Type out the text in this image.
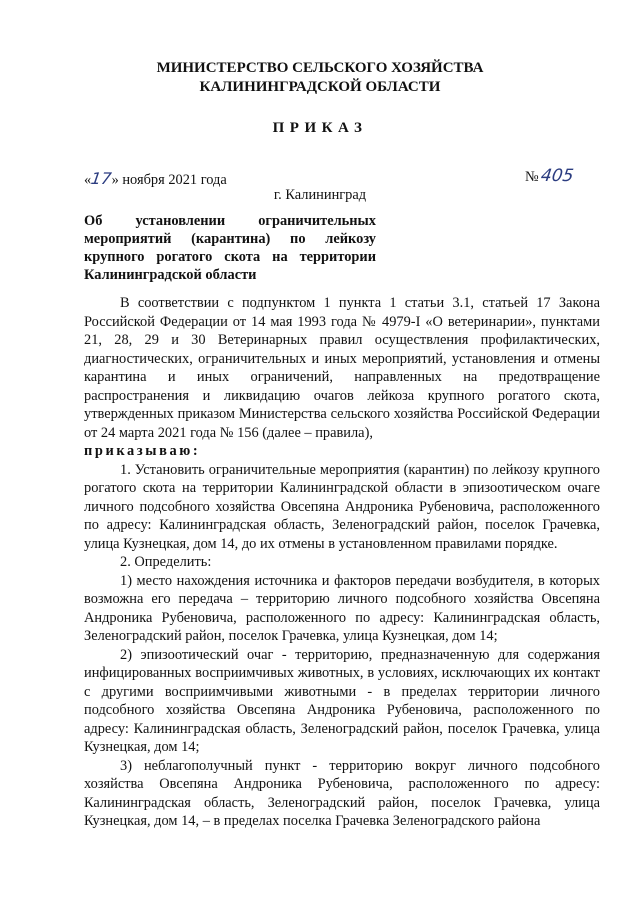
МИНИСТЕРСТВО СЕЛЬСКОГО ХОЗЯЙСТВА
КАЛИНИНГРАДСКОЙ ОБЛАСТИ
ПРИКАЗ
«17» ноября 2021 года	№405
г. Калининград
Об установлении ограничительных мероприятий (карантина) по лейкозу крупного рогатого скота на территории Калининградской области

В соответствии с подпунктом 1 пункта 1 статьи 3.1, статьей 17 Закона Российской Федерации от 14 мая 1993 года № 4979-I «О ветеринарии», пунктами 21, 28, 29 и 30 Ветеринарных правил осуществления профилактических, диагностических, ограничительных и иных мероприятий, установления и отмены карантина и иных ограничений, направленных на предотвращение распространения и ликвидацию очагов лейкоза крупного рогатого скота, утвержденных приказом Министерства сельского хозяйства Российской Федерации от 24 марта 2021 года № 156 (далее – правила),

приказываю:

1. Установить ограничительные мероприятия (карантин) по лейкозу крупного рогатого скота на территории Калининградской области в эпизоотическом очаге личного подсобного хозяйства Овсепяна Андроника Рубеновича, расположенного по адресу: Калининградская область, Зеленоградский район, поселок Грачевка, улица Кузнецкая, дом 14, до их отмены в установленном правилами порядке.

2. Определить:

1) место нахождения источника и факторов передачи возбудителя, в которых возможна его передача – территорию личного подсобного хозяйства Овсепяна Андроника Рубеновича, расположенного по адресу: Калининградская область, Зеленоградский район, поселок Грачевка, улица Кузнецкая, дом 14;

2) эпизоотический очаг - территорию, предназначенную для содержания инфицированных восприимчивых животных, в условиях, исключающих их контакт с другими восприимчивыми животными - в пределах территории личного подсобного хозяйства Овсепяна Андроника Рубеновича, расположенного по адресу: Калининградская область, Зеленоградский район, поселок Грачевка, улица Кузнецкая, дом 14;

3) неблагополучный пункт - территорию вокруг личного подсобного хозяйства Овсепяна Андроника Рубеновича, расположенного по адресу: Калининградская область, Зеленоградский район, поселок Грачевка, улица Кузнецкая, дом 14, – в пределах поселка Грачевка Зеленоградского района
